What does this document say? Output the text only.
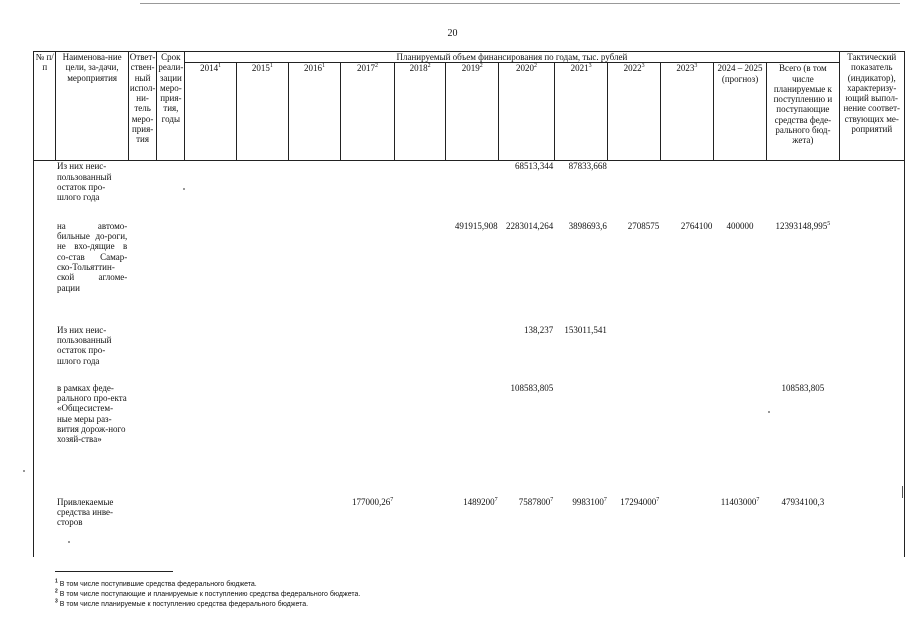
20
№ п/п	Наименова-ние цели, за-дачи, мероприятия	Ответ-ствен-ный испол-ни-тель меро-прия-тия	Срок реали-зации меро-прия-тия, годы	Планируемый объем финансирования по годам, тыс. рублей												Тактический показатель (индикатор), характеризу-ющий выпол-нение соответ-ствующих ме-роприятий
				2014$^1$	2015$^1$	2016$^1$	2017$^2$	2018$^2$	2019$^2$	2020$^2$	2021$^3$	2022$^3$	2023$^3$	2024 – 2025 (прогноз)	Всего (в том числе планируемые к поступлению и поступающие средства феде-рального бюд-жета)	
	Из них неис-пользованный остаток про-шлого года									68513,344	87833,668					
	на автомо-бильные до-роги, не вхо-дящие в со-став Самар-ско-Тольяттин-ской агломе-рации								491915,908	2283014,264	3898693,6	2708575	2764100	400000	12393148,995$^5$	
	Из них неис-пользованный остаток про-шлого года									138,237	153011,541					
	в рамках феде-рального про-екта «Общесистем-ные меры раз-вития дорож-ного хозяй-ства»									108583,805					108583,805	
	Привлекаемые средства инве-сторов						177000,26$^7$		1489200$^7$	7587800$^7$	9983100$^7$	17294000$^7$		11403000$^7$	47934100,3	
$^1$ В том числе поступившие средства федерального бюджета.
$^2$ В том числе поступающие и планируемые к поступлению средства федерального бюджета.
$^3$ В том числе планируемые к поступлению средства федерального бюджета.
